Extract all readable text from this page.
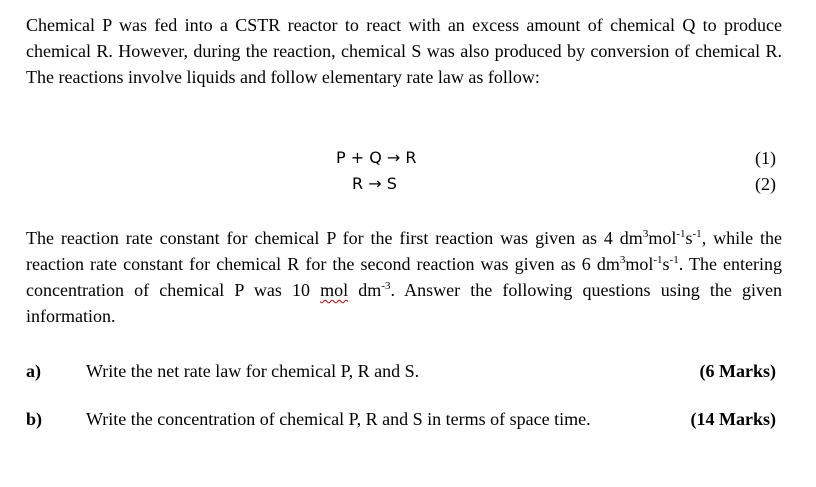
Chemical P was fed into a CSTR reactor to react with an excess amount of chemical Q to produce chemical R. However, during the reaction, chemical S was also produced by conversion of chemical R. The reactions involve liquids and follow elementary rate law as follow:

P + Q → R	(1)
R → S	(2)

The reaction rate constant for chemical P for the first reaction was given as 4 $dm^3mol^{-1}s^{-1}$, while the reaction rate constant for chemical R for the second reaction was given as 6 $dm^3mol^{-1}s^{-1}$. The entering concentration of chemical P was 10 mol $dm^{-3}$. Answer the following questions using the given information.

a)	Write the net rate law for chemical P, R and S.	(6 Marks)
b) Write the concentration of chemical P, R and S in terms of space time.	(14 Marks)
